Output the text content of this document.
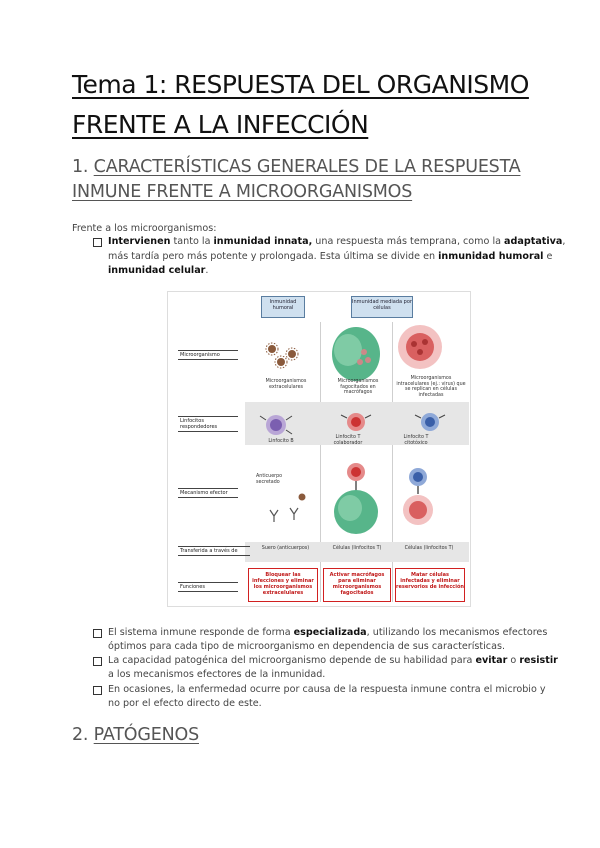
Tema 1: RESPUESTA DEL ORGANISMO
FRENTE A LA INFECCIÓN
1. CARACTERÍSTICAS GENERALES DE LA RESPUESTA
INMUNE FRENTE A MICROORGANISMOS
Frente a los microorganismos:
Intervienen tanto la inmunidad innata, una respuesta más temprana, como la adaptativa,
más tardía pero más potente y prolongada. Esta última se divide en inmunidad humoral e
inmunidad celular.
Inmunidad humoral
Inmunidad mediada por células
Microorganismo
Linfocitos respondedores
Mecanismo efector
Transferida a través de
Funciones
Microorganismos extracelulares
Microorganismos fagocitados en macrófagos
Microorganismos intracelulares (ej.: virus) que se replican en células infectadas
Linfocito B
Linfocito T colaborador
Linfocito T citotóxico
Anticuerpo secretado
Suero (anticuerpos)	Células (linfocitos T)	Células (linfocitos T)
Bloquear las infecciones y eliminar los microorganismos extracelulares
Activar macrófagos para eliminar microorganismos fagocitados
Matar células infectadas y eliminar reservorios de infección
El sistema inmune responde de forma especializada, utilizando los mecanismos efectores
óptimos para cada tipo de microorganismo en dependencia de sus características.
La capacidad patogénica del microorganismo depende de su habilidad para evitar o resistir
a los mecanismos efectores de la inmunidad.
En ocasiones, la enfermedad ocurre por causa de la respuesta inmune contra el microbio y
no por el efecto directo de este.
2. PATÓGENOS
